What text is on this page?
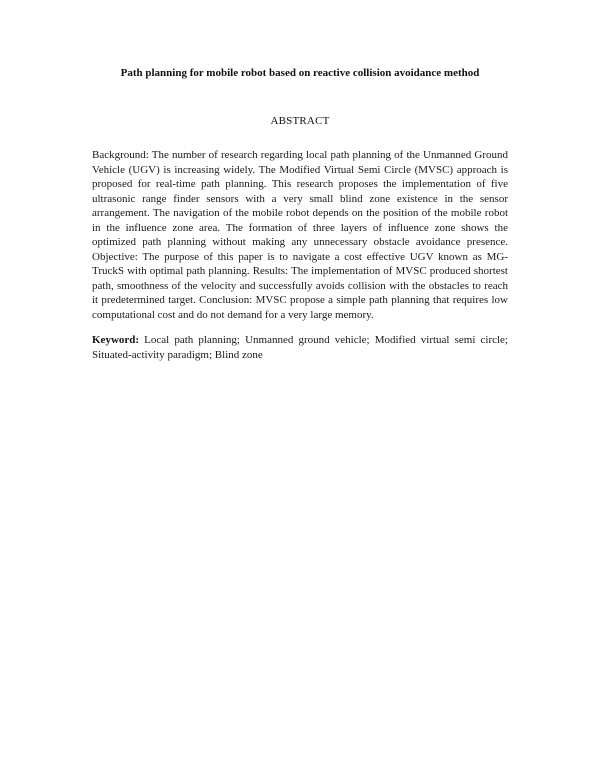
Path planning for mobile robot based on reactive collision avoidance method
ABSTRACT

Background: The number of research regarding local path planning of the Unmanned Ground Vehicle (UGV) is increasing widely. The Modified Virtual Semi Circle (MVSC) approach is proposed for real-time path planning. This research proposes the implementation of five ultrasonic range finder sensors with a very small blind zone existence in the sensor arrangement. The navigation of the mobile robot depends on the position of the mobile robot in the influence zone area. The formation of three layers of influence zone shows the optimized path planning without making any unnecessary obstacle avoidance presence. Objective: The purpose of this paper is to navigate a cost effective UGV known as MG-TruckS with optimal path planning. Results: The implementation of MVSC produced shortest path, smoothness of the velocity and successfully avoids collision with the obstacles to reach it predetermined target. Conclusion: MVSC propose a simple path planning that requires low computational cost and do not demand for a very large memory.

Keyword: Local path planning; Unmanned ground vehicle; Modified virtual semi circle; Situated-activity paradigm; Blind zone
